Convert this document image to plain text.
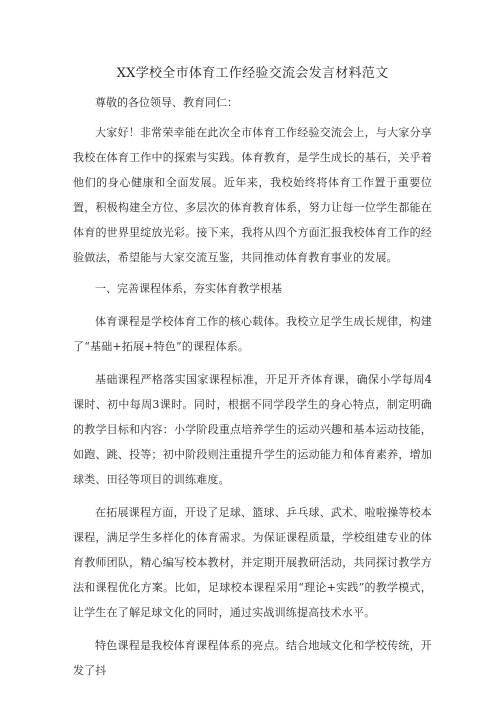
XX学校全市体育工作经验交流会发言材料范文

尊敬的各位领导、教育同仁：

大家好！非常荣幸能在此次全市体育工作经验交流会上，与大家分享我校在体育工作中的探索与实践。体育教育，是学生成长的基石，关乎着他们的身心健康和全面发展。近年来，我校始终将体育工作置于重要位置，积极构建全方位、多层次的体育教育体系，努力让每一位学生都能在体育的世界里绽放光彩。接下来，我将从四个方面汇报我校体育工作的经验做法，希望能与大家交流互鉴，共同推动体育教育事业的发展。

一、完善课程体系，夯实体育教学根基

体育课程是学校体育工作的核心载体。我校立足学生成长规律，构建了“基础+拓展+特色”的课程体系。

基础课程严格落实国家课程标准，开足开齐体育课，确保小学每周4课时、初中每周3课时。同时，根据不同学段学生的身心特点，制定明确的教学目标和内容：小学阶段重点培养学生的运动兴趣和基本运动技能，如跑、跳、投等；初中阶段则注重提升学生的运动能力和体育素养，增加球类、田径等项目的训练难度。

在拓展课程方面，开设了足球、篮球、乒乓球、武术、啦啦操等校本课程，满足学生多样化的体育需求。为保证课程质量，学校组建专业的体育教师团队，精心编写校本教材，并定期开展教研活动，共同探讨教学方法和课程优化方案。比如，足球校本课程采用“理论+实践”的教学模式，让学生在了解足球文化的同时，通过实战训练提高技术水平。

特色课程是我校体育课程体系的亮点。结合地域文化和学校传统，开发了抖
